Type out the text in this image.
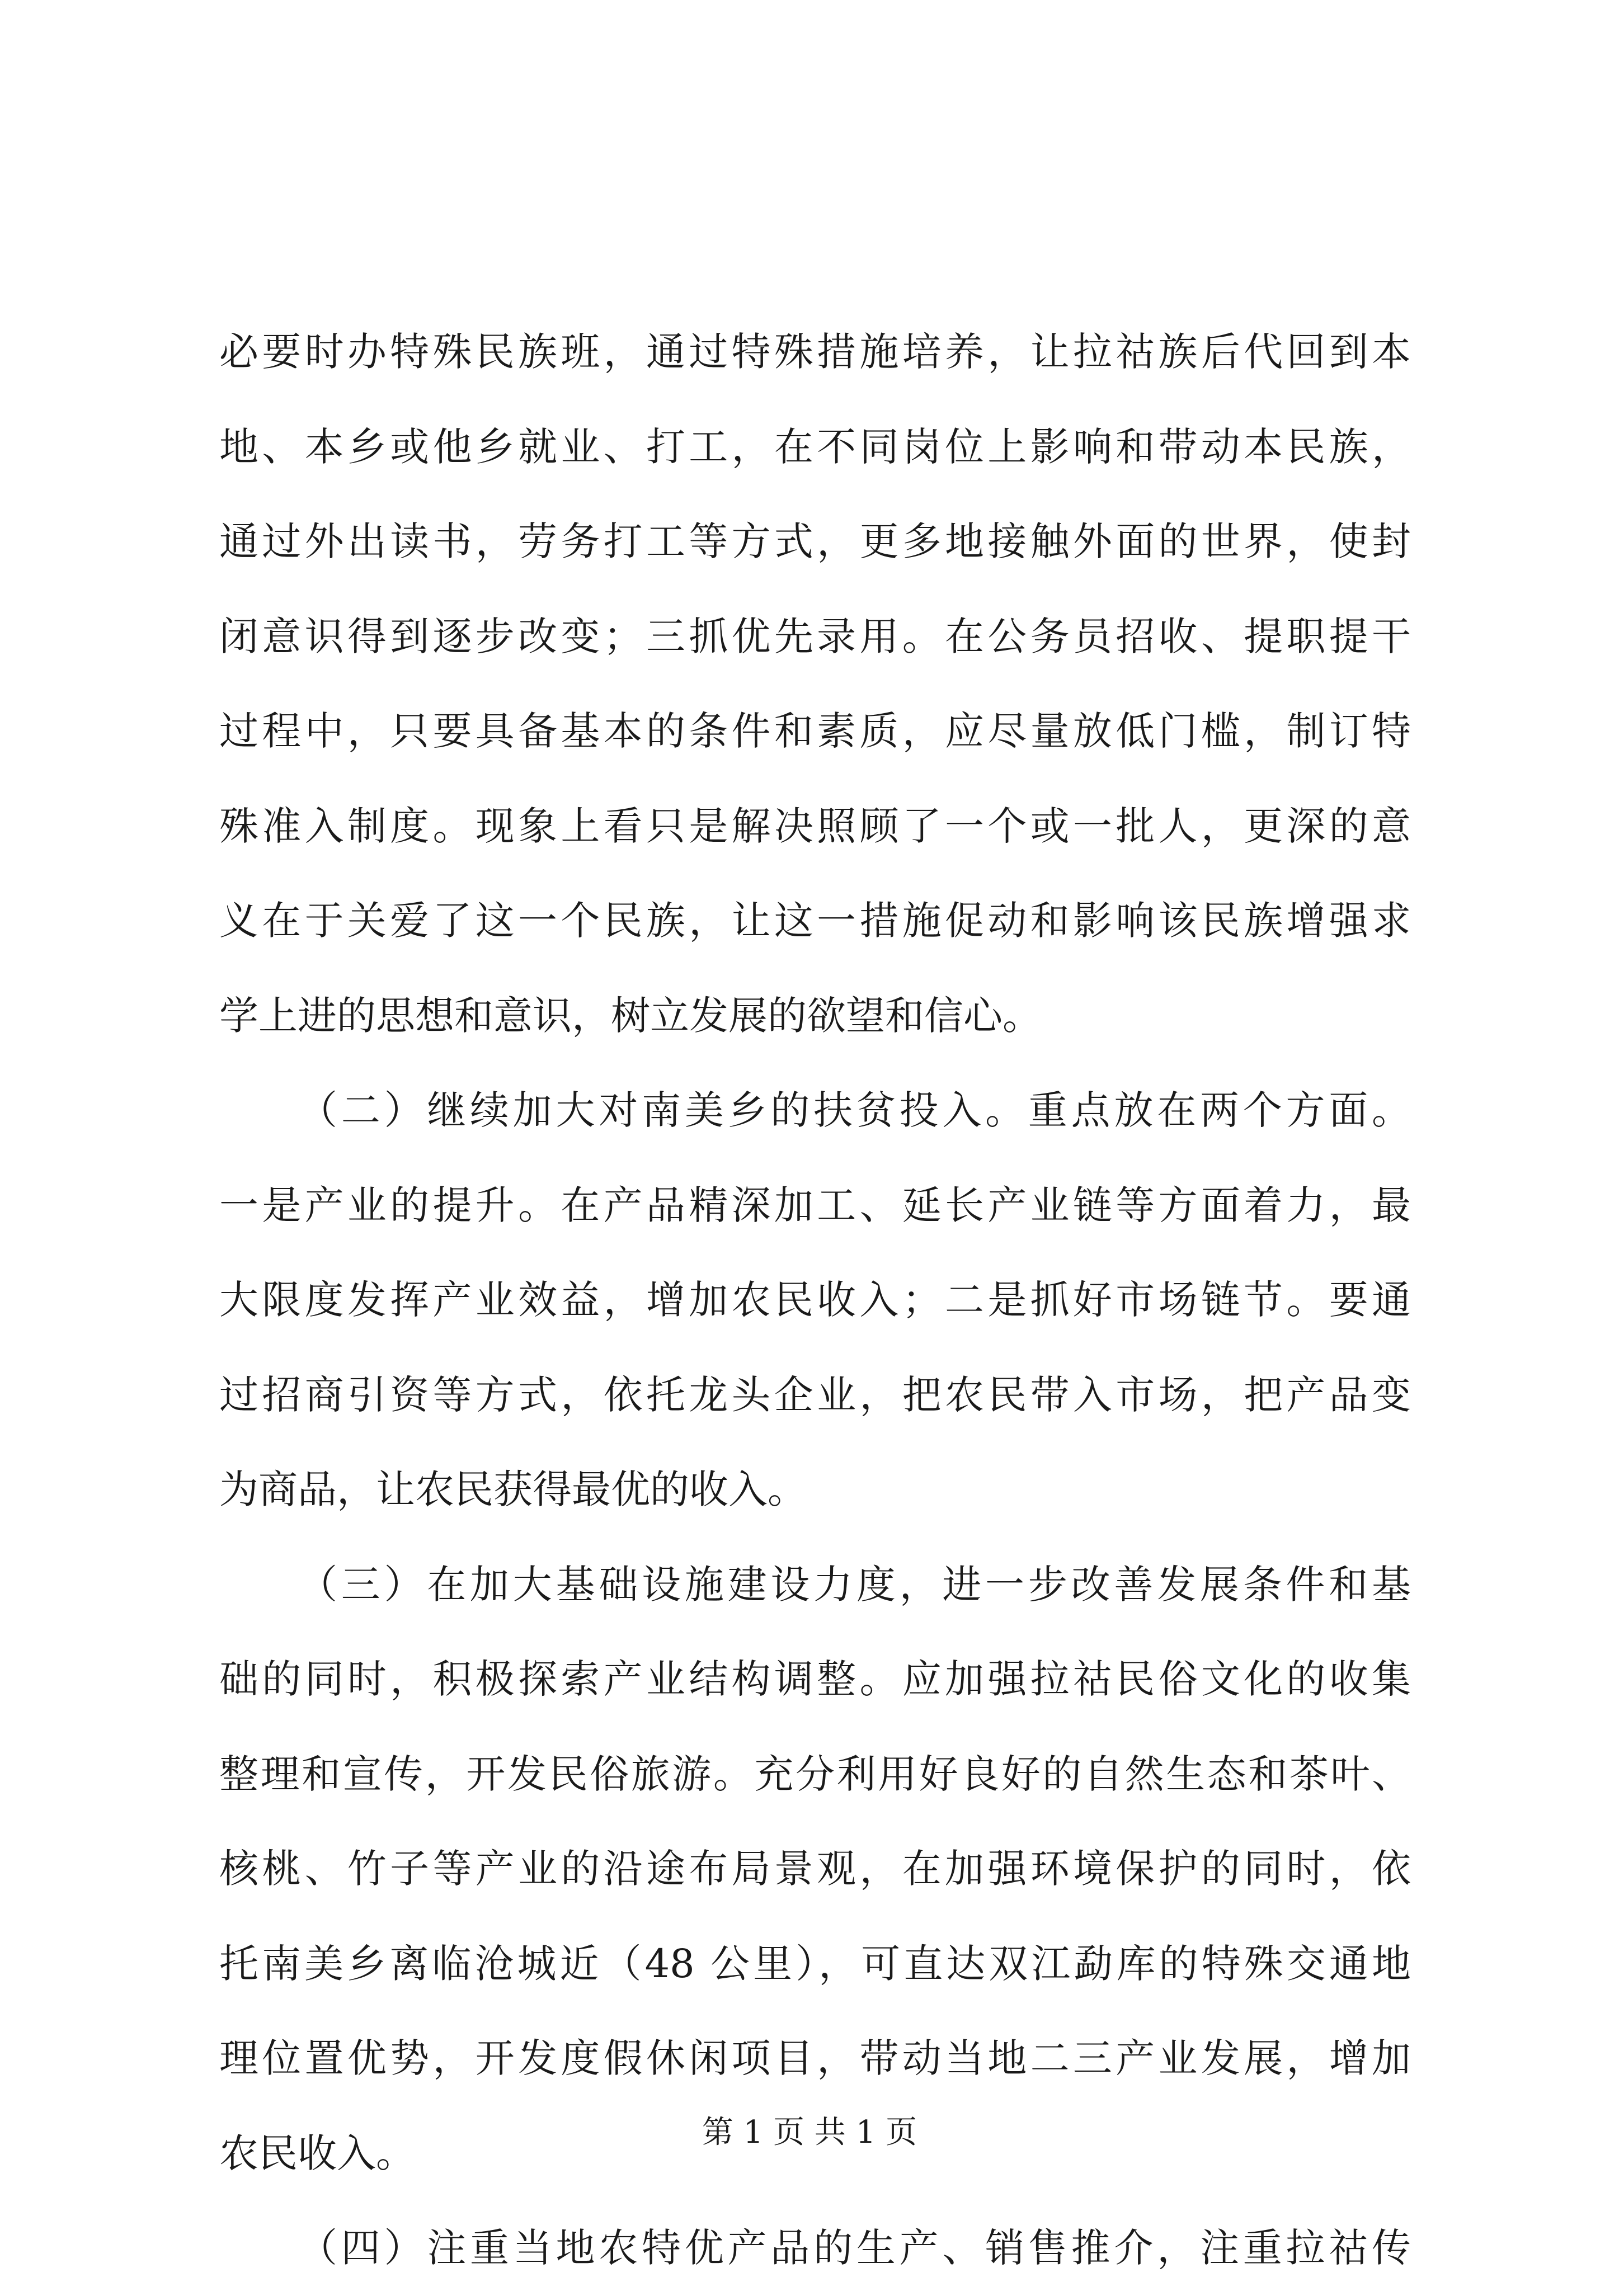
必要时办特殊民族班，通过特殊措施培养，让拉祜族后代回到本
地、本乡或他乡就业、打工，在不同岗位上影响和带动本民族，
通过外出读书，劳务打工等方式，更多地接触外面的世界，使封
闭意识得到逐步改变；三抓优先录用。在公务员招收、提职提干
过程中，只要具备基本的条件和素质，应尽量放低门槛，制订特
殊准入制度。现象上看只是解决照顾了一个或一批人，更深的意
义在于关爱了这一个民族，让这一措施促动和影响该民族增强求
学上进的思想和意识，树立发展的欲望和信心。
（二）继续加大对南美乡的扶贫投入。重点放在两个方面。
一是产业的提升。在产品精深加工、延长产业链等方面着力，最
大限度发挥产业效益，增加农民收入；二是抓好市场链节。要通
过招商引资等方式，依托龙头企业，把农民带入市场，把产品变
为商品，让农民获得最优的收入。
（三）在加大基础设施建设力度，进一步改善发展条件和基
础的同时，积极探索产业结构调整。应加强拉祜民俗文化的收集
整理和宣传，开发民俗旅游。充分利用好良好的自然生态和茶叶、
核桃、竹子等产业的沿途布局景观，在加强环境保护的同时，依
托南美乡离临沧城近（48 公里），可直达双江勐库的特殊交通地
理位置优势，开发度假休闲项目，带动当地二三产业发展，增加
农民收入。
（四）注重当地农特优产品的生产、销售推介，注重拉祜传
第 1 页 共 1 页
